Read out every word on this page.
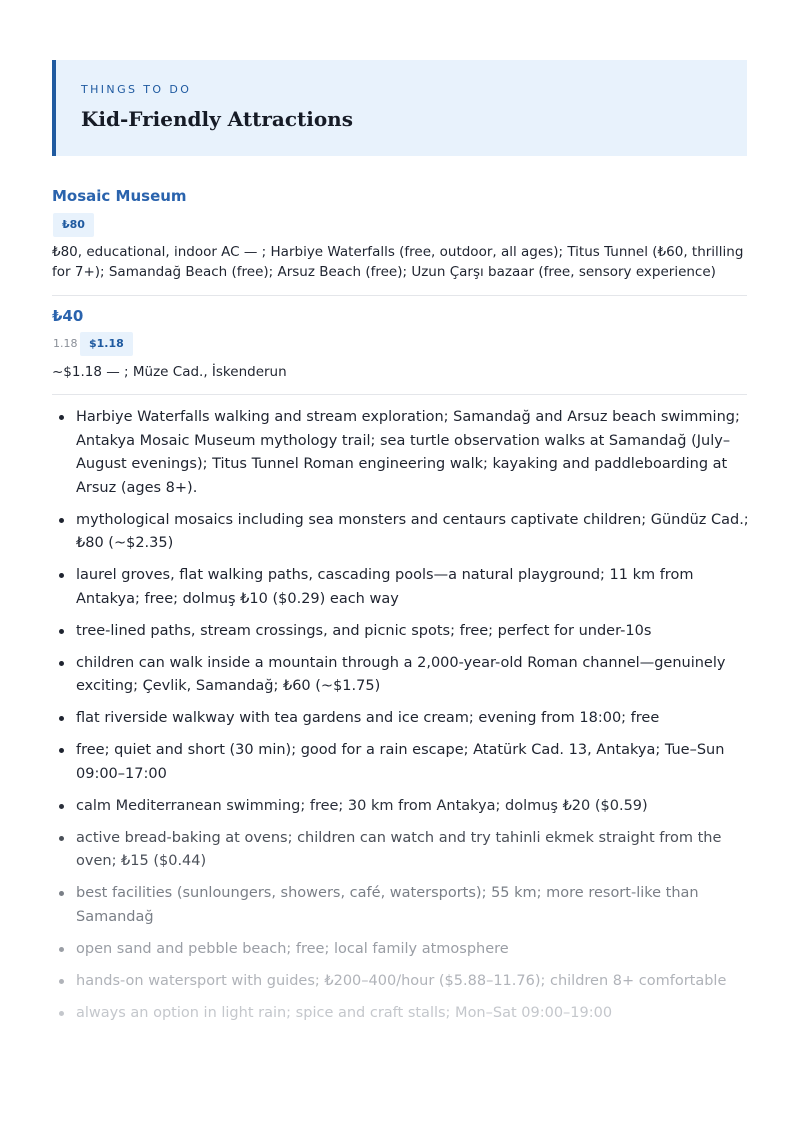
THINGS TO DO
Kid-Friendly Attractions
Mosaic Museum
₺80
₺80, educational, indoor AC — ; Harbiye Waterfalls (free, outdoor, all ages); Titus Tunnel (₺60, thrilling for 7+); Samandağ Beach (free); Arsuz Beach (free); Uzun Çarşı bazaar (free, sensory experience)
₺40
1.18	$1.18
~$1.18 — ; Müze Cad., İskenderun
Harbiye Waterfalls walking and stream exploration; Samandağ and Arsuz beach swimming; Antakya Mosaic Museum mythology trail; sea turtle observation walks at Samandağ (July–August evenings); Titus Tunnel Roman engineering walk; kayaking and paddleboarding at Arsuz (ages 8+).
mythological mosaics including sea monsters and centaurs captivate children; Gündüz Cad.; ₺80 (~$2.35)
laurel groves, flat walking paths, cascading pools—a natural playground; 11 km from Antakya; free; dolmuş ₺10 ($0.29) each way
tree-lined paths, stream crossings, and picnic spots; free; perfect for under-10s
children can walk inside a mountain through a 2,000-year-old Roman channel—genuinely exciting; Çevlik, Samandağ; ₺60 (~$1.75)
flat riverside walkway with tea gardens and ice cream; evening from 18:00; free
free; quiet and short (30 min); good for a rain escape; Atatürk Cad. 13, Antakya; Tue–Sun 09:00–17:00
calm Mediterranean swimming; free; 30 km from Antakya; dolmuş ₺20 ($0.59)
active bread-baking at ovens; children can watch and try tahinli ekmek straight from the oven; ₺15 ($0.44)
best facilities (sunloungers, showers, café, watersports); 55 km; more resort-like than Samandağ
open sand and pebble beach; free; local family atmosphere
hands-on watersport with guides; ₺200–400/hour ($5.88–11.76); children 8+ comfortable
always an option in light rain; spice and craft stalls; Mon–Sat 09:00–19:00
